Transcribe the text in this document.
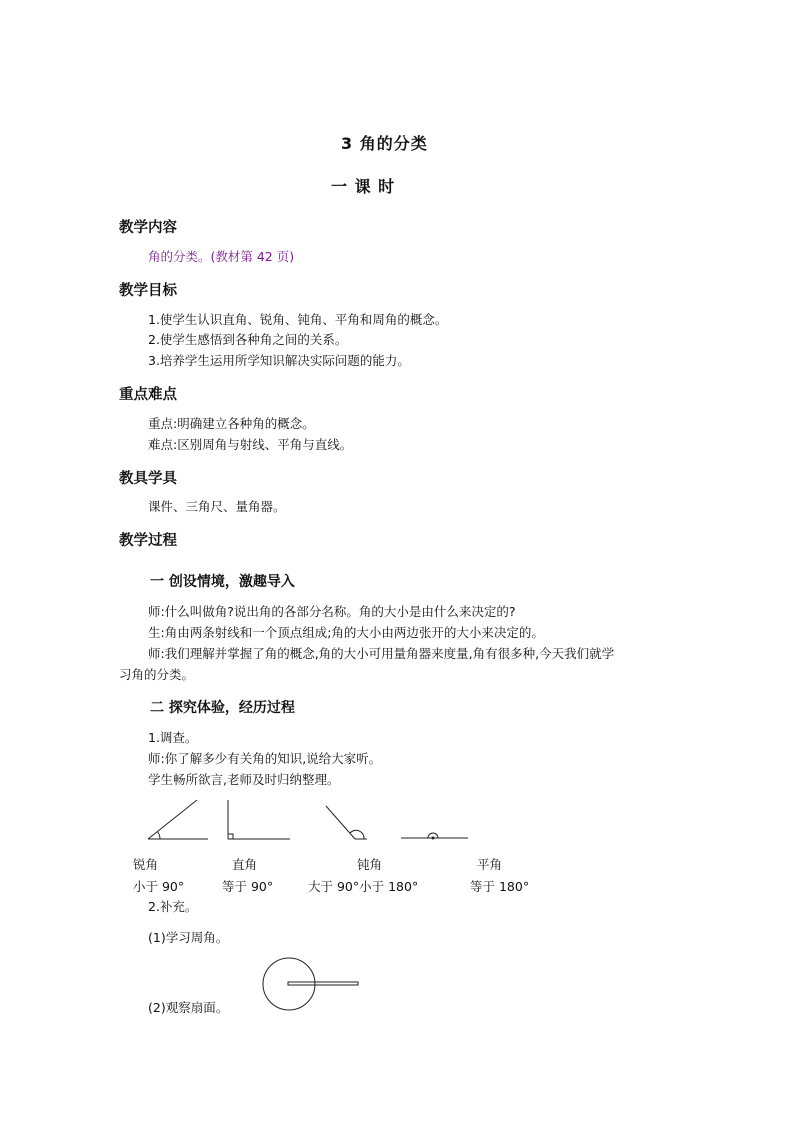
3 角的分类
一 课 时
教学内容
角的分类。(教材第 42 页)
教学目标
1.使学生认识直角、锐角、钝角、平角和周角的概念。
2.使学生感悟到各种角之间的关系。
3.培养学生运用所学知识解决实际问题的能力。
重点难点
重点:明确建立各种角的概念。
难点:区别周角与射线、平角与直线。
教具学具
课件、三角尺、量角器。
教学过程
一 创设情境，激趣导入
师:什么叫做角?说出角的各部分名称。角的大小是由什么来决定的?
生:角由两条射线和一个顶点组成;角的大小由两边张开的大小来决定的。
师:我们理解并掌握了角的概念,角的大小可用量角器来度量,角有很多种,今天我们就学
习角的分类。
二 探究体验，经历过程
1.调查。
师:你了解多少有关角的知识,说给大家听。
学生畅所欲言,老师及时归纳整理。
锐角	直角	钝角	平角
小于 90°	等于 90°	大于 90°小于 180°	等于 180°
2.补充。
(1)学习周角。
(2)观察扇面。
